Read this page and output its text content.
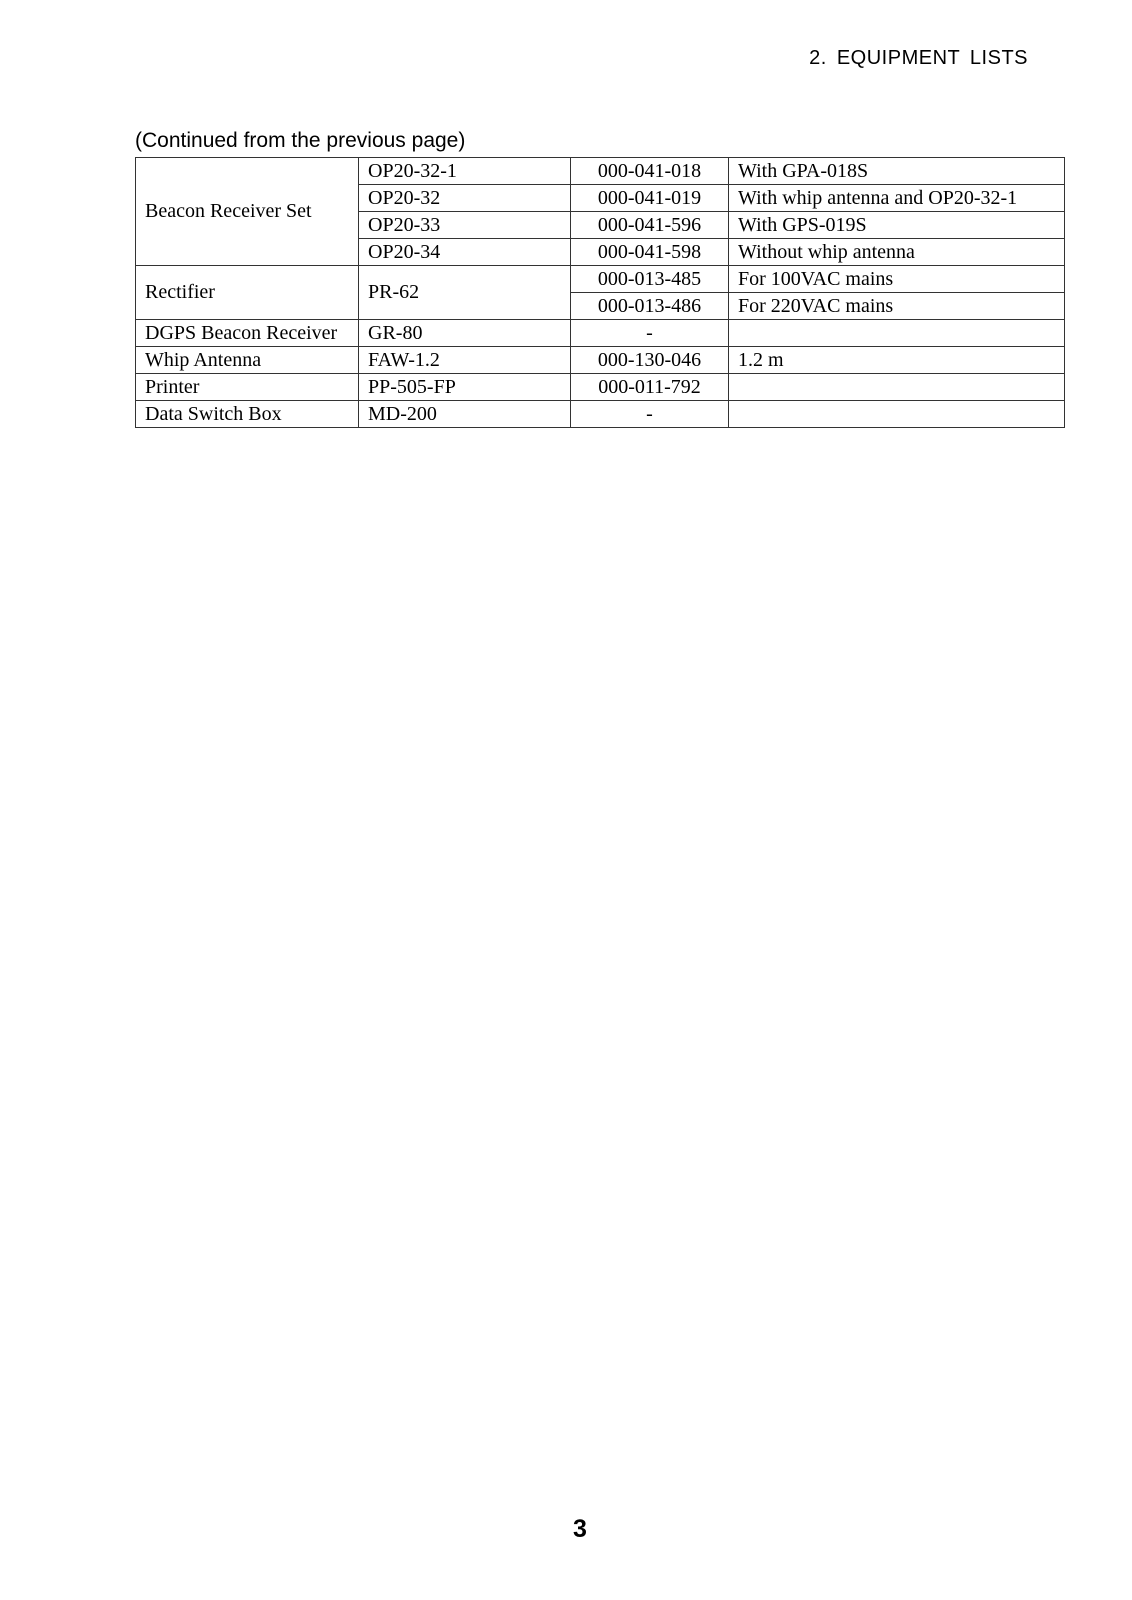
2. EQUIPMENT LISTS
(Continued from the previous page)
Beacon Receiver Set	OP20-32-1	000-041-018	With GPA-018S
	OP20-32	000-041-019	With whip antenna and OP20-32-1
	OP20-33	000-041-596	With GPS-019S
	OP20-34	000-041-598	Without whip antenna
Rectifier	PR-62	000-013-485	For 100VAC mains
		000-013-486	For 220VAC mains
DGPS Beacon Receiver	GR-80	-	
Whip Antenna	FAW-1.2	000-130-046	1.2 m
Printer	PP-505-FP	000-011-792	
Data Switch Box	MD-200	-	
3
